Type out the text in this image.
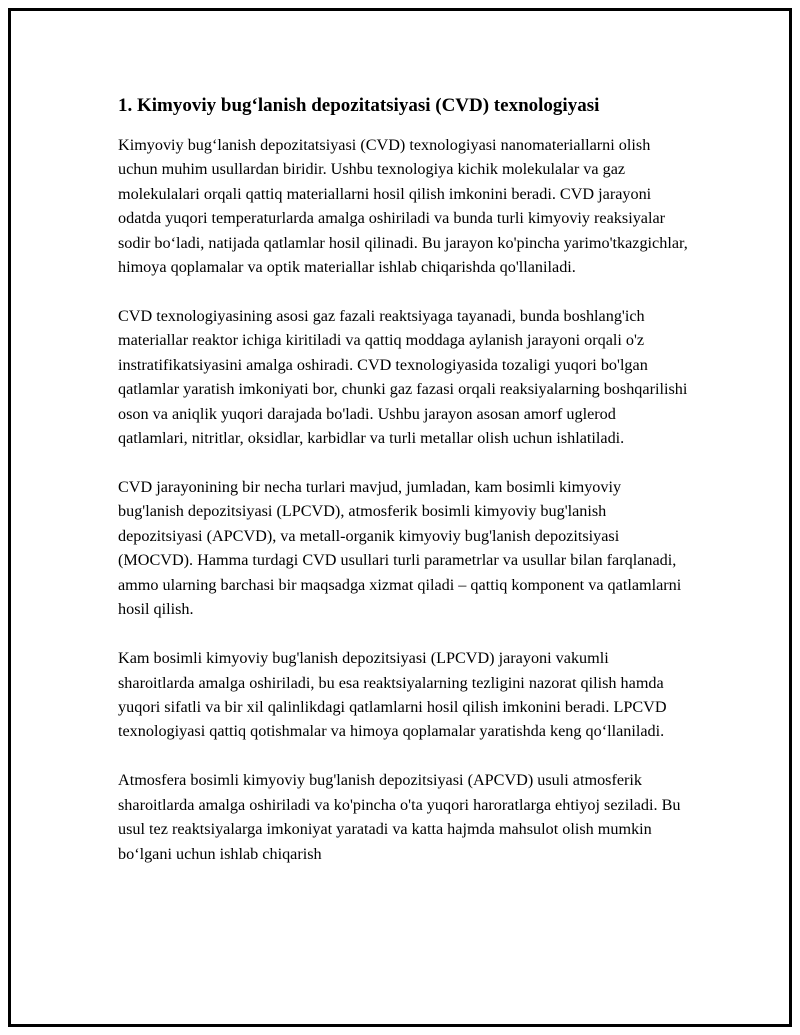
1. Kimyoviy bug‘lanish depozitatsiyasi (CVD) texnologiyasi

Kimyoviy bug‘lanish depozitatsiyasi (CVD) texnologiyasi nanomateriallarni olish uchun muhim usullardan biridir. Ushbu texnologiya kichik molekulalar va gaz molekulalari orqali qattiq materiallarni hosil qilish imkonini beradi. CVD jarayoni odatda yuqori temperaturlarda amalga oshiriladi va bunda turli kimyoviy reaksiyalar sodir bo‘ladi, natijada qatlamlar hosil qilinadi. Bu jarayon ko'pincha yarimo'tkazgichlar, himoya qoplamalar va optik materiallar ishlab chiqarishda qo'llaniladi.

CVD texnologiyasining asosi gaz fazali reaktsiyaga tayanadi, bunda boshlang'ich materiallar reaktor ichiga kiritiladi va qattiq moddaga aylanish jarayoni orqali o'z instratifikatsiyasini amalga oshiradi. CVD texnologiyasida tozaligi yuqori bo'lgan qatlamlar yaratish imkoniyati bor, chunki gaz fazasi orqali reaksiyalarning boshqarilishi oson va aniqlik yuqori darajada bo'ladi. Ushbu jarayon asosan amorf uglerod qatlamlari, nitritlar, oksidlar, karbidlar va turli metallar olish uchun ishlatiladi.

CVD jarayonining bir necha turlari mavjud, jumladan, kam bosimli kimyoviy bug'lanish depozitsiyasi (LPCVD), atmosferik bosimli kimyoviy bug'lanish depozitsiyasi (APCVD), va metall-organik kimyoviy bug'lanish depozitsiyasi (MOCVD). Hamma turdagi CVD usullari turli parametrlar va usullar bilan farqlanadi, ammo ularning barchasi bir maqsadga xizmat qiladi – qattiq komponent va qatlamlarni hosil qilish.

Kam bosimli kimyoviy bug'lanish depozitsiyasi (LPCVD) jarayoni vakumli sharoitlarda amalga oshiriladi, bu esa reaktsiyalarning tezligini nazorat qilish hamda yuqori sifatli va bir xil qalinlikdagi qatlamlarni hosil qilish imkonini beradi. LPCVD texnologiyasi qattiq qotishmalar va himoya qoplamalar yaratishda keng qo‘llaniladi.

Atmosfera bosimli kimyoviy bug'lanish depozitsiyasi (APCVD) usuli atmosferik sharoitlarda amalga oshiriladi va ko'pincha o'ta yuqori haroratlarga ehtiyoj seziladi. Bu usul tez reaktsiyalarga imkoniyat yaratadi va katta hajmda mahsulot olish mumkin bo‘lgani uchun ishlab chiqarish
